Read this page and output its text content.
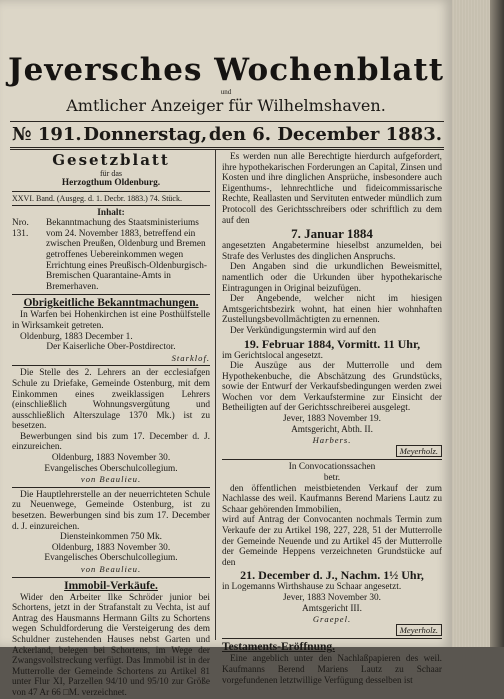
Jeversches Wochenblatt
und
Amtlicher Anzeiger für Wilhelmshaven.
№ 191. Donnerstag, den 6. December 1883.
Gesetzblatt
für das
Herzogthum Oldenburg.
XXVI. Band. (Ausgeg. d. 1. Decbr. 1883.) 74. Stück.
Inhalt:
Nro. 131.
Bekanntmachung des Staatsministeriums vom 24. November 1883, betreffend ein zwischen Preußen, Oldenburg und Bremen getroffenes Uebereinkommen wegen Errichtung eines Preußisch-Oldenburgisch-Bremischen Quarantaine-Amts in Bremerhaven.
Obrigkeitliche Bekanntmachungen.

In Warfen bei Hohenkirchen ist eine Posthülfstelle in Wirksamkeit getreten.

Oldenburg, 1883 December 1.

Der Kaiserliche Ober-Postdirector.
Starklof.

Die Stelle des 2. Lehrers an der ecclesiafgen Schule zu Driefake, Gemeinde Ostenburg, mit dem Einkommen eines zweiklassigen Lehrers (einschließlich Wohnungsvergütung und ausschließlich Alterszulage 1370 Mk.) ist zu besetzen.

Bewerbungen sind bis zum 17. December d. J. einzureichen.

Oldenburg, 1883 November 30.
Evangelisches Oberschulcollegium.
von Beaulieu.

Die Hauptlehrerstelle an der neuerrichteten Schule zu Neuenwege, Gemeinde Ostenburg, ist zu besetzen. Bewerbungen sind bis zum 17. December d. J. einzureichen.

Diensteinkommen 750 Mk.
Oldenburg, 1883 November 30.
Evangelisches Oberschulcollegium.
von Beaulieu.
Immobil-Verkäufe.

Wider den Arbeiter Ilke Schröder junior bei Schortens, jetzt in der Strafanstalt zu Vechta, ist auf Antrag des Hausmanns Hermann Gilts zu Schortens wegen Schuldforderung die Versteigerung des dem Schuldner zustehenden Hauses nebst Garten und Ackerland, belegen bei Schortens, im Wege der Zwangsvollstreckung verfügt. Das Immobil ist in der Mutterrolle der Gemeinde Schortens zu Artikel 81 unter Flur XI, Parzellen 94/10 und 95/10 zur Größe von 47 Ar 66 □M. verzeichnet.

Es werden nun alle Berechtigte hierdurch aufgefordert, ihre hypothekarischen Forderungen an Capital, Zinsen und Kosten und ihre dinglichen Ansprüche, insbesondere auch Eigenthums-, lehnrechtliche und fideicommissarische Rechte, Reallasten und Servituten entweder mündlich zum Protocoll des Gerichtsschreibers oder schriftlich zu dem auf den

7. Januar 1884

angesetzten Angabetermine hieselbst anzumelden, bei Strafe des Verlustes des dinglichen Anspruchs.

Den Angaben sind die urkundlichen Beweismittel, namentlich oder die Urkunden über hypothekarische Eintragungen in Original beizufügen.

Der Angebende, welcher nicht im hiesigen Amtsgerichtsbezirk wohnt, hat einen hier wohnhaften Zustellungsbevollmächtigten zu ernennen.

Der Verkündigungstermin wird auf den

19. Februar 1884, Vormitt. 11 Uhr,

im Gerichtslocal angesetzt.

Die Auszüge aus der Mutterrolle und dem Hypothekenbuche, die Abschätzung des Grundstücks, sowie der Entwurf der Verkaufsbedingungen werden zwei Wochen vor dem Verkaufstermine zur Einsicht der Betheiligten auf der Gerichtsschreiberei ausgelegt.

Jever, 1883 November 19.
Amtsgericht, Abth. II.
Harbers.
Meyerholz.
In Convocationssachen
betr.

den öffentlichen meistbietenden Verkauf der zum Nachlasse des weil. Kaufmanns Berend Mariens Lautz zu Schaar gehörenden Immobilien,

wird auf Antrag der Convocanten nochmals Termin zum Verkaufe der zu Artikel 198, 227, 228, 51 der Mutterrolle der Gemeinde Neuende und zu Artikel 45 der Mutterrolle der Gemeinde Heppens verzeichneten Grundstücke auf den

21. December d. J., Nachm. 1½ Uhr,

in Logemanns Wirthshause zu Schaar angesetzt.

Jever, 1883 November 30.
Amtsgericht III.
Graepel.
Meyerholz.
Testaments-Eröffnung.

Eine angeblich unter den Nachlaßpapieren des weil. Kaufmanns Berend Mariens Lautz zu Schaar vorgefundenen letztwillige Verfügung desselben ist
